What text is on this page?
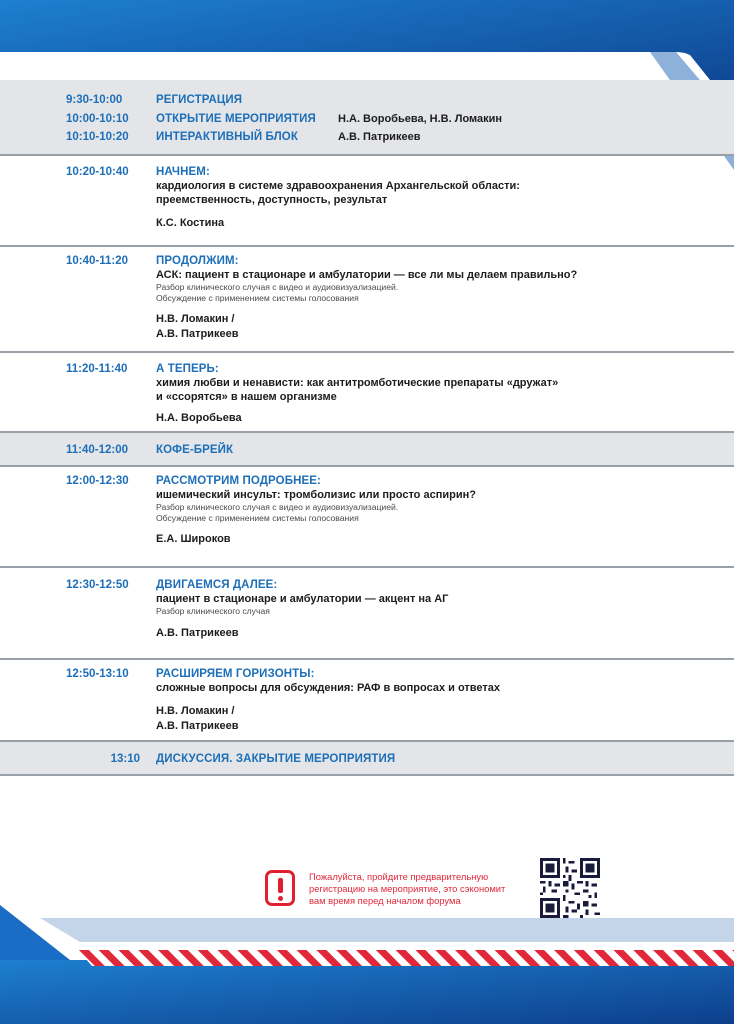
9:30-10:00	РЕГИСТРАЦИЯ
10:00-10:10	ОТКРЫТИЕ МЕРОПРИЯТИЯ	Н.А. Воробьева, Н.В. Ломакин
10:10-10:20	ИНТЕРАКТИВНЫЙ БЛОК	А.В. Патрикеев
10:20-10:40	НАЧНЕМ:
кардиология в системе здравоохранения Архангельской области:
преемственность, доступность, результат
К.С. Костина
10:40-11:20	ПРОДОЛЖИМ:
АСК: пациент в стационаре и амбулатории — все ли мы делаем правильно?
Разбор клинического случая с видео и аудиовизуализацией.
Обсуждение с применением системы голосования
Н.В. Ломакин /
А.В. Патрикеев
11:20-11:40	А ТЕПЕРЬ:
химия любви и ненависти: как антитромботические препараты «дружат»
и «ссорятся» в нашем организме
Н.А. Воробьева
11:40-12:00	КОФЕ-БРЕЙК
12:00-12:30	РАССМОТРИМ ПОДРОБНЕЕ:
ишемический инсульт: тромболизис или просто аспирин?
Разбор клинического случая с видео и аудиовизуализацией.
Обсуждение с применением системы голосования
Е.А. Широков
12:30-12:50	ДВИГАЕМСЯ ДАЛЕЕ:
пациент в стационаре и амбулатории — акцент на АГ
Разбор клинического случая
А.В. Патрикеев
12:50-13:10	РАСШИРЯЕМ ГОРИЗОНТЫ:
сложные вопросы для обсуждения: РАФ в вопросах и ответах
Н.В. Ломакин /
А.В. Патрикеев
13:10 ДИСКУССИЯ. ЗАКРЫТИЕ МЕРОПРИЯТИЯ
Пожалуйста, пройдите предварительную
регистрацию на мероприятие, это сэкономит
вам время перед началом форума
